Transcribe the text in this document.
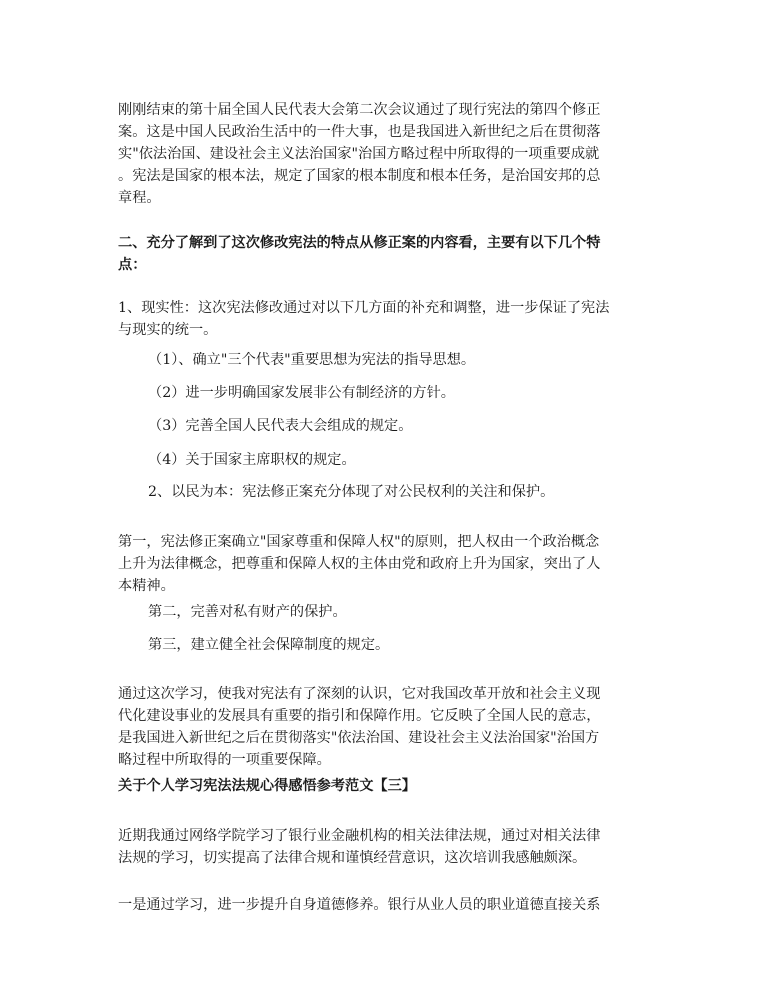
刚刚结束的第十届全国人民代表大会第二次会议通过了现行宪法的第四个修正
案。这是中国人民政治生活中的一件大事，也是我国进入新世纪之后在贯彻落
实"依法治国、建设社会主义法治国家"治国方略过程中所取得的一项重要成就
。宪法是国家的根本法，规定了国家的根本制度和根本任务，是治国安邦的总
章程。

二、充分了解到了这次修改宪法的特点从修正案的内容看，主要有以下几个特
点：

1、现实性：这次宪法修改通过对以下几方面的补充和调整，进一步保证了宪法
与现实的统一。

（1）、确立"三个代表"重要思想为宪法的指导思想。

（2）进一步明确国家发展非公有制经济的方针。

（3）完善全国人民代表大会组成的规定。

（4）关于国家主席职权的规定。

2、以民为本：宪法修正案充分体现了对公民权利的关注和保护。

第一，宪法修正案确立"国家尊重和保障人权"的原则，把人权由一个政治概念
上升为法律概念，把尊重和保障人权的主体由党和政府上升为国家，突出了人
本精神。

第二，完善对私有财产的保护。

第三，建立健全社会保障制度的规定。

通过这次学习，使我对宪法有了深刻的认识，它对我国改革开放和社会主义现
代化建设事业的发展具有重要的指引和保障作用。它反映了全国人民的意志，
是我国进入新世纪之后在贯彻落实"依法治国、建设社会主义法治国家"治国方
略过程中所取得的一项重要保障。

关于个人学习宪法法规心得感悟参考范文【三】

近期我通过网络学院学习了银行业金融机构的相关法律法规，通过对相关法律
法规的学习，切实提高了法律合规和谨慎经营意识，这次培训我感触颇深。

一是通过学习，进一步提升自身道德修养。银行从业人员的职业道德直接关系
